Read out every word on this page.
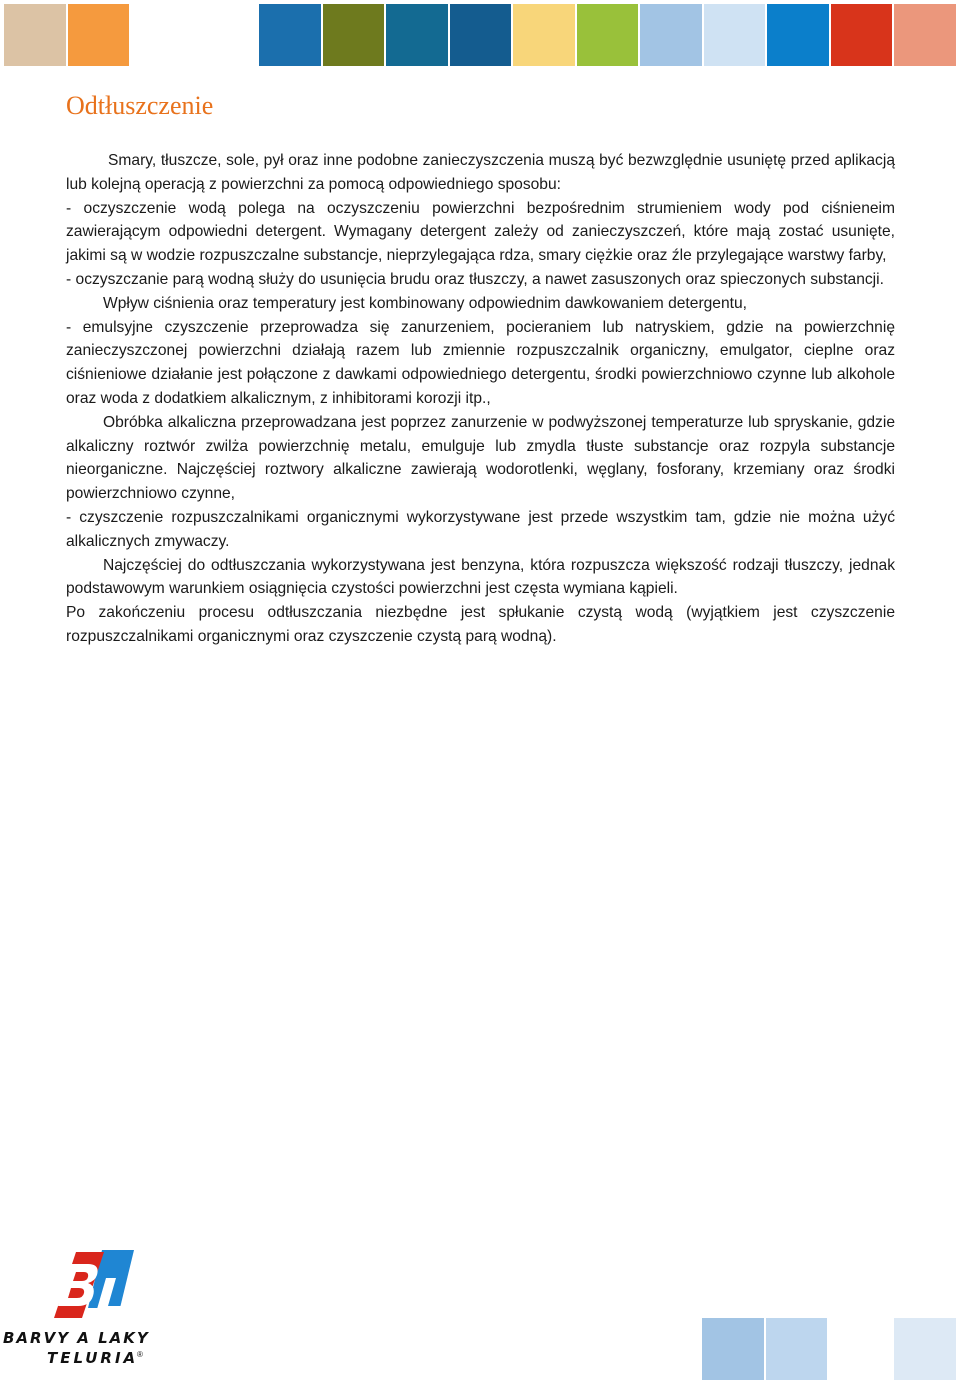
Odtłuszczenie

Smary, tłuszcze, sole, pył oraz inne podobne zanieczyszczenia muszą być bezwzględnie usuniętę przed aplikacją lub kolejną operacją z powierzchni za pomocą odpowiedniego sposobu:

- oczyszczenie wodą polega na oczyszczeniu powierzchni bezpośrednim strumieniem wody pod ciśnieneim zawierającym odpowiedni detergent. Wymagany detergent zależy od zanieczyszczeń, które mają zostać usunięte, jakimi są w wodzie rozpuszczalne substancje, nieprzylegająca rdza, smary ciężkie oraz źle przylegające warstwy farby,

- oczyszczanie parą wodną służy do usunięcia brudu oraz tłuszczy, a nawet zasuszonych oraz spieczonych substancji.

Wpływ ciśnienia oraz temperatury jest kombinowany odpowiednim dawkowaniem detergentu,

- emulsyjne czyszczenie przeprowadza się zanurzeniem, pocieraniem lub natryskiem, gdzie na powierzchnię zanieczyszczonej powierzchni działają razem lub zmiennie rozpuszczalnik organiczny, emulgator, cieplne oraz ciśnieniowe działanie jest połączone z dawkami odpowiedniego detergentu, środki powierzchniowo czynne lub alkohole oraz woda z dodatkiem alkalicznym, z inhibitorami korozji itp.,

Obróbka alkaliczna przeprowadzana jest poprzez zanurzenie w podwyższonej temperaturze lub spryskanie, gdzie alkaliczny roztwór zwilża powierzchnię metalu, emulguje lub zmydla tłuste substancje oraz rozpyla substancje nieorganiczne. Najczęściej roztwory alkaliczne zawierają wodorotlenki, węglany, fosforany, krzemiany oraz środki powierzchniowo czynne,

- czyszczenie rozpuszczalnikami organicznymi wykorzystywane jest przede wszystkim tam, gdzie nie można użyć alkalicznych zmywaczy.

Najczęściej do odtłuszczania wykorzystywana jest benzyna, która rozpuszcza większość rodzaji tłuszczy, jednak podstawowym warunkiem osiągnięcia czystości powierzchni jest częsta wymiana kąpieli.

Po zakończeniu procesu odtłuszczania niezbędne jest spłukanie czystą wodą (wyjątkiem jest czyszczenie rozpuszczalnikami organicznymi oraz czyszczenie czystą parą wodną).

BARVY A LAKY
TELURIA
®
